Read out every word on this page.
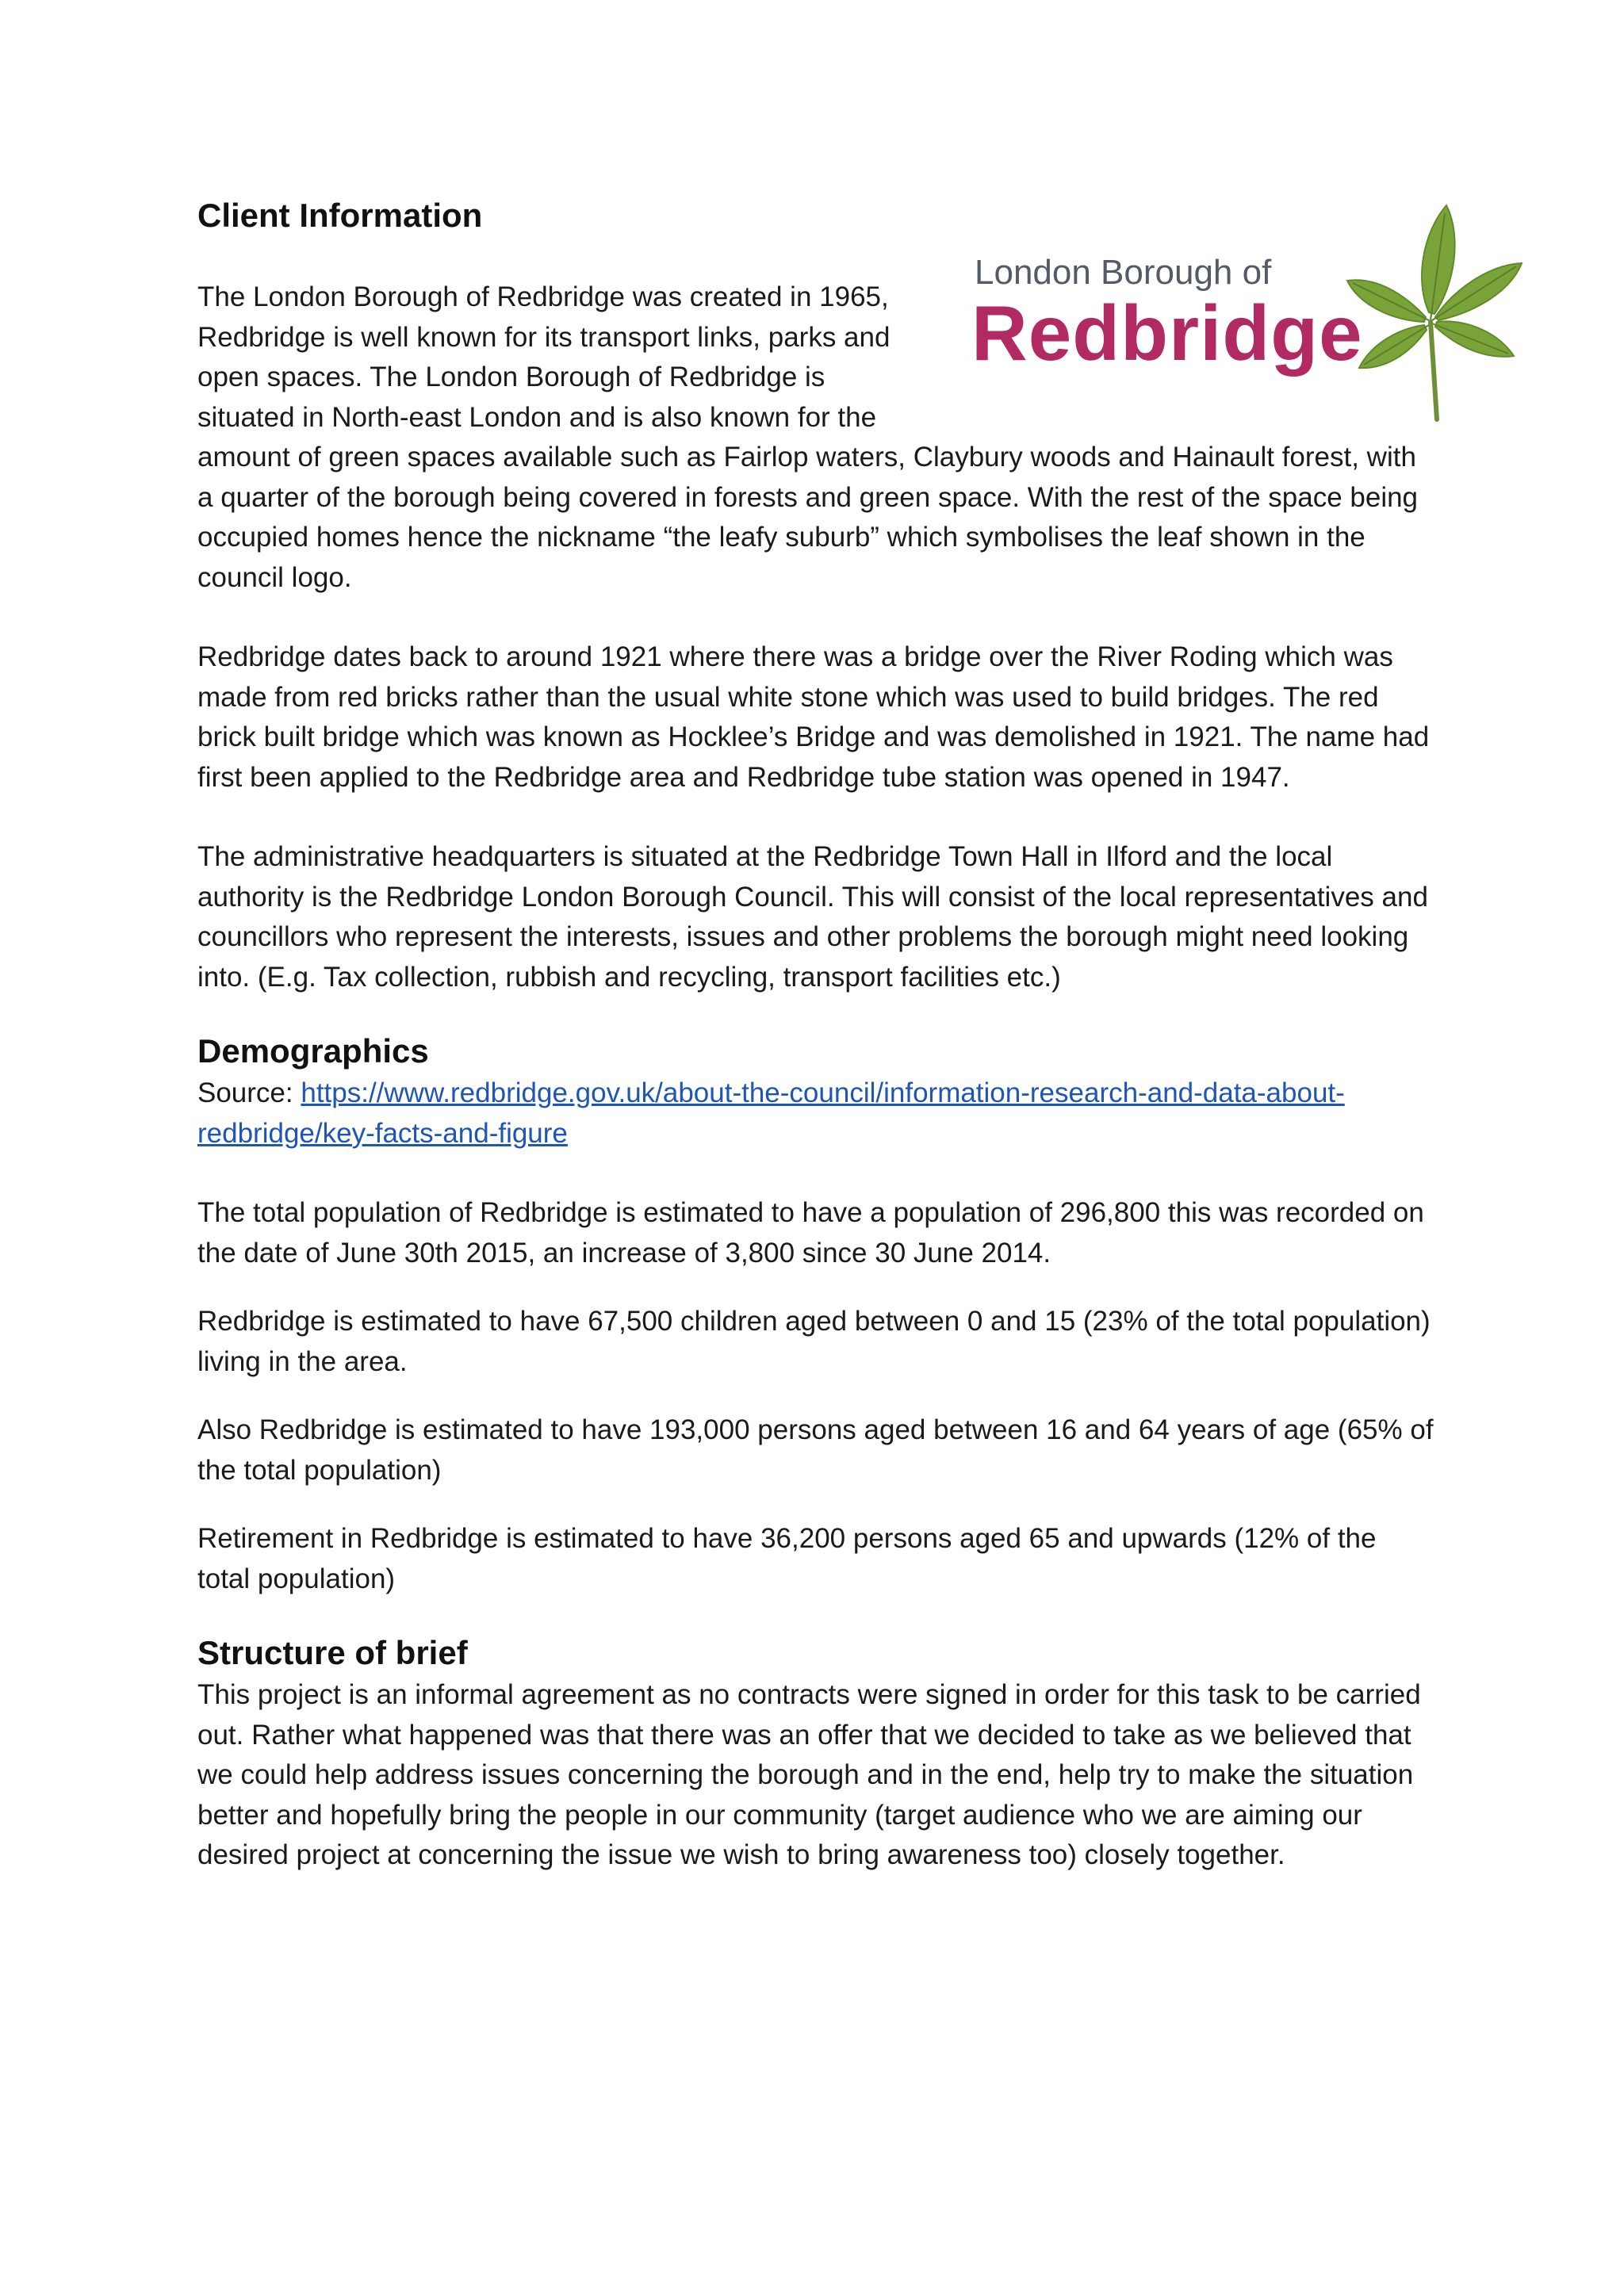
Client Information
London Borough of
Redbridge

The London Borough of Redbridge was created in 1965,

Redbridge is well known for its transport links, parks and

open spaces. The London Borough of Redbridge is

situated in North-east London and is also known for the

amount of green spaces available such as Fairlop waters, Claybury woods and Hainault forest, with a quarter of the borough being covered in forests and green space. With the rest of the space being occupied homes hence the nickname “the leafy suburb” which symbolises the leaf shown in the council logo.

Redbridge dates back to around 1921 where there was a bridge over the River Roding which was made from red bricks rather than the usual white stone which was used to build bridges. The red brick built bridge which was known as Hocklee’s Bridge and was demolished in 1921. The name had first been applied to the Redbridge area and Redbridge tube station was opened in 1947.

The administrative headquarters is situated at the Redbridge Town Hall in Ilford and the local authority is the Redbridge London Borough Council. This will consist of the local representatives and councillors who represent the interests, issues and other problems the borough might need looking into. (E.g. Tax collection, rubbish and recycling, transport facilities etc.)

Demographics

Source: https://www.redbridge.gov.uk/about-the-council/information-research-and-data-about-redbridge/key-facts-and-figure

The total population of Redbridge is estimated to have a population of 296,800 this was recorded on the date of June 30th 2015, an increase of 3,800 since 30 June 2014.

Redbridge is estimated to have 67,500 children aged between 0 and 15 (23% of the total population) living in the area.

Also Redbridge is estimated to have 193,000 persons aged between 16 and 64 years of age (65% of the total population)

Retirement in Redbridge is estimated to have 36,200 persons aged 65 and upwards (12% of the total population)

Structure of brief

This project is an informal agreement as no contracts were signed in order for this task to be carried out. Rather what happened was that there was an offer that we decided to take as we believed that we could help address issues concerning the borough and in the end, help try to make the situation better and hopefully bring the people in our community (target audience who we are aiming our desired project at concerning the issue we wish to bring awareness too) closely together.
